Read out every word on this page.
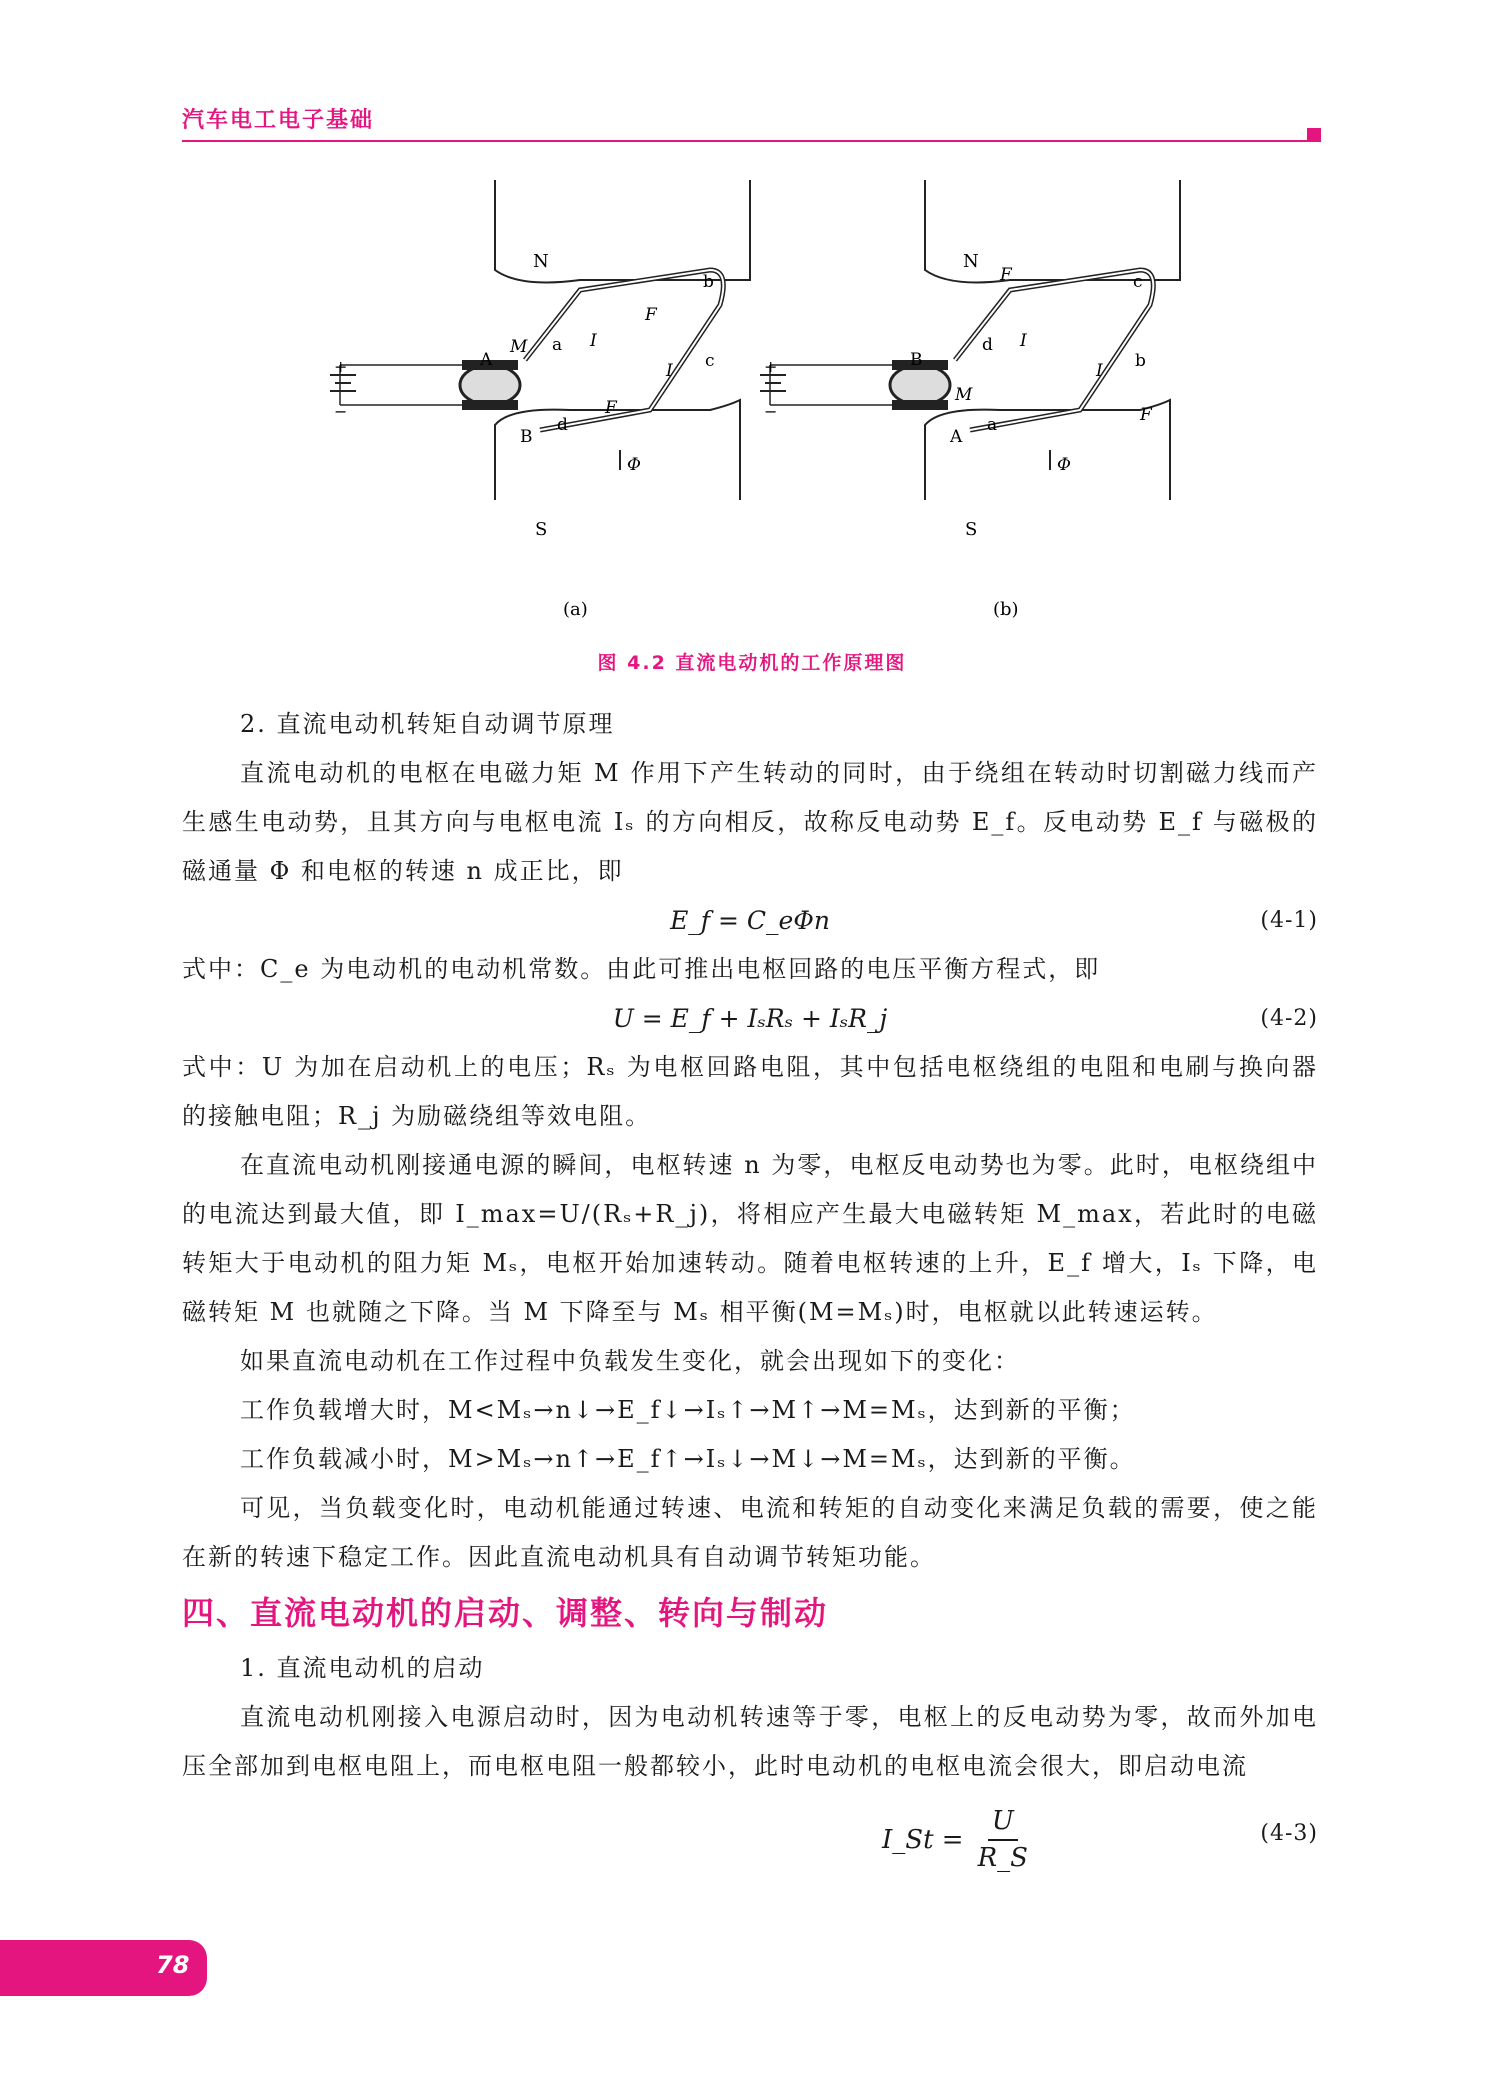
汽车电工电子基础
+
−
N
S
A
B
a
b
c
d
M
F
F
I
I
Φ
(a)
+
−
N
S
A
B
a
b
c
d
M
F
F
I
I
Φ
(b)
图 4.2 直流电动机的工作原理图

2. 直流电动机转矩自动调节原理

直流电动机的电枢在电磁力矩 M 作用下产生转动的同时，由于绕组在转动时切割磁力线而产生感生电动势，且其方向与电枢电流 Iₛ 的方向相反，故称反电动势 E_f。反电动势 E_f 与磁极的磁通量 Φ 和电枢的转速 n 成正比，即

E_f = C_eΦn	(4-1)

式中：C_e 为电动机的电动机常数。由此可推出电枢回路的电压平衡方程式，即

U = E_f + IₛRₛ + IₛR_j	(4-2)

式中：U 为加在启动机上的电压；Rₛ 为电枢回路电阻，其中包括电枢绕组的电阻和电刷与换向器的接触电阻；R_j 为励磁绕组等效电阻。

在直流电动机刚接通电源的瞬间，电枢转速 n 为零，电枢反电动势也为零。此时，电枢绕组中的电流达到最大值，即 I_max=U/(Rₛ+R_j)，将相应产生最大电磁转矩 M_max，若此时的电磁转矩大于电动机的阻力矩 Mₛ，电枢开始加速转动。随着电枢转速的上升，E_f 增大，Iₛ 下降，电磁转矩 M 也就随之下降。当 M 下降至与 Mₛ 相平衡(M=Mₛ)时，电枢就以此转速运转。

如果直流电动机在工作过程中负载发生变化，就会出现如下的变化：

工作负载增大时，M<Mₛ→n↓→E_f↓→Iₛ↑→M↑→M=Mₛ，达到新的平衡；

工作负载减小时，M>Mₛ→n↑→E_f↑→Iₛ↓→M↓→M=Mₛ，达到新的平衡。

可见，当负载变化时，电动机能通过转速、电流和转矩的自动变化来满足负载的需要，使之能在新的转速下稳定工作。因此直流电动机具有自动调节转矩功能。

四、直流电动机的启动、调整、转向与制动

1. 直流电动机的启动

直流电动机刚接入电源启动时，因为电动机转速等于零，电枢上的反电动势为零，故而外加电压全部加到电枢电阻上，而电枢电阻一般都较小，此时电动机的电枢电流会很大，即启动电流

I_St = $\frac{U}{R\_S}$	(4-3)
78
